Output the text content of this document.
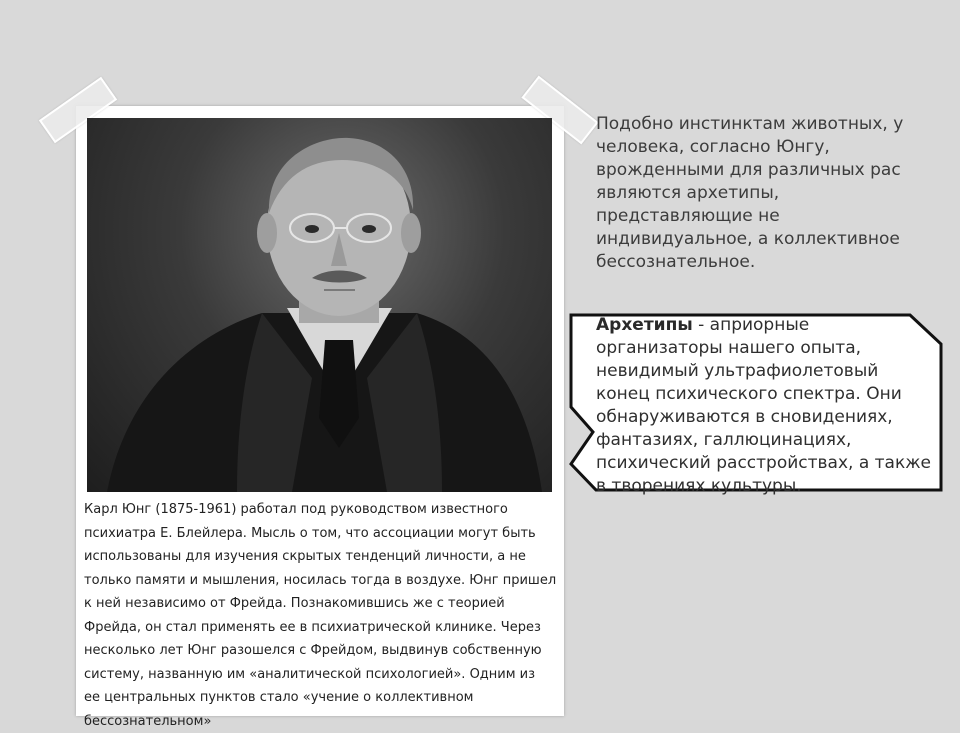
Карл Юнг (1875-1961) работал под руководством известного
психиатра Е. Блейлера. Мысль о том, что ассоциации могут быть
использованы для изучения скрытых тенденций личности, а не
только памяти и мышления, носилась тогда в воздухе. Юнг пришел
к ней независимо от Фрейда. Познакомившись же с теорией
Фрейда, он стал применять ее в психиатрической клинике. Через
несколько лет Юнг разошелся с Фрейдом, выдвинув собственную
систему, названную им «аналитической психологией». Одним из
ее центральных пунктов стало «учение о коллективном
бессознательном»
Подобно инстинктам животных, у
человека, согласно Юнгу,
врожденными для различных рас
являются архетипы,
представляющие не
индивидуальное, а коллективное
бессознательное.
Архетипы - априорные организаторы нашего опыта, невидимый ультрафиолетовый конец психического спектра. Они обнаруживаются в сновидениях, фантазиях, галлюцинациях, психический расстройствах, а также в творениях культуры.
